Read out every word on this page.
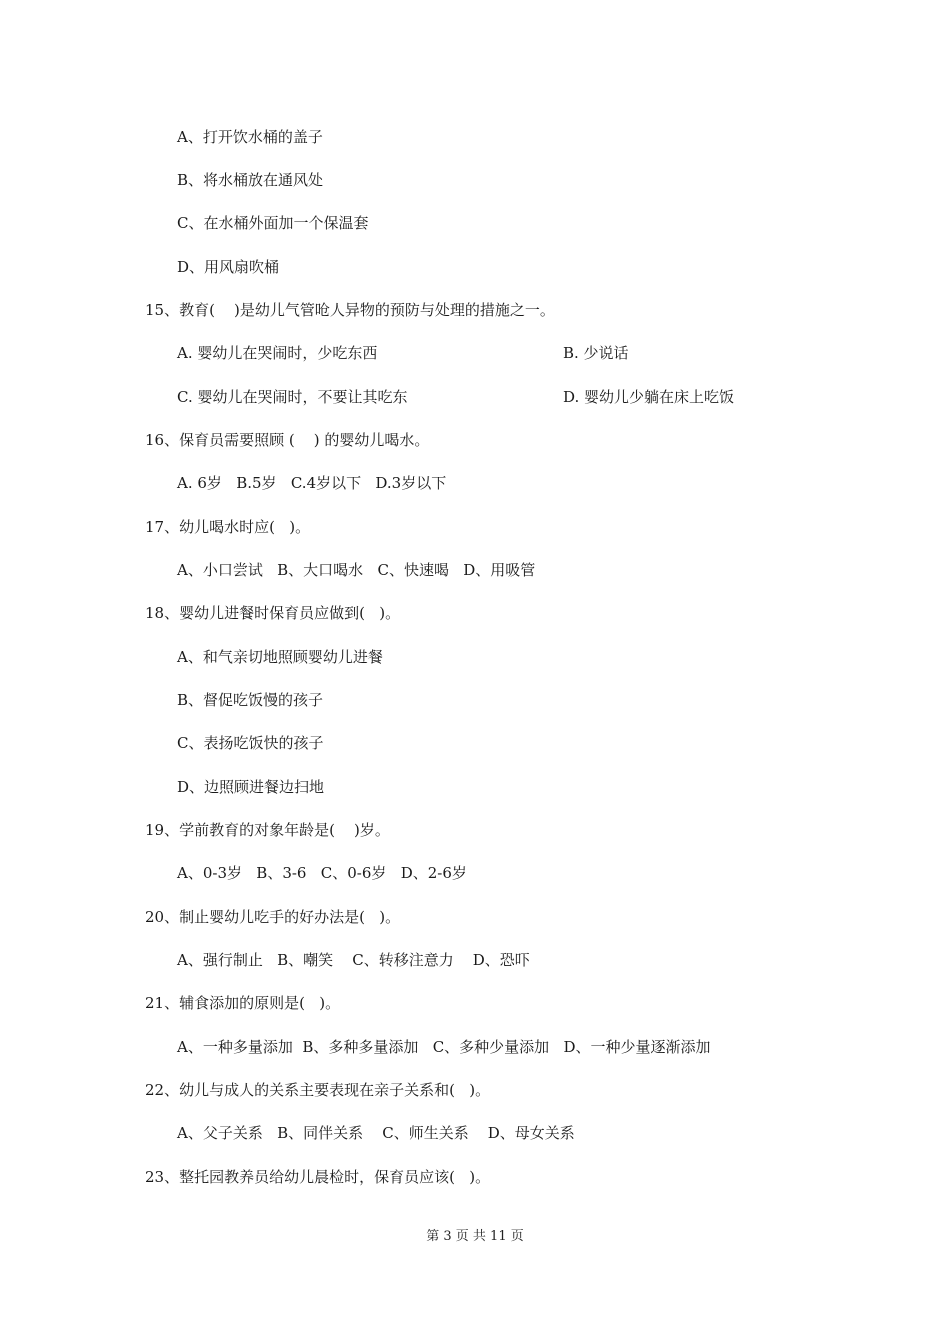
A、打开饮水桶的盖子
B、将水桶放在通风处
C、在水桶外面加一个保温套
D、用风扇吹桶
15、教育(    )是幼儿气管呛人异物的预防与处理的措施之一。
A. 婴幼儿在哭闹时，少吃东西	B. 少说话
C. 婴幼儿在哭闹时，不要让其吃东	D. 婴幼儿少躺在床上吃饭
16、保育员需要照顾 (    ) 的婴幼儿喝水。
A. 6岁   B.5岁   C.4岁以下   D.3岁以下
17、幼儿喝水时应(   )。
A、小口尝试   B、大口喝水   C、快速喝   D、用吸管
18、婴幼儿进餐时保育员应做到(   )。
A、和气亲切地照顾婴幼儿进餐
B、督促吃饭慢的孩子
C、表扬吃饭快的孩子
D、边照顾进餐边扫地
19、学前教育的对象年龄是(    )岁。
A、0-3岁   B、3-6   C、0-6岁   D、2-6岁
20、制止婴幼儿吃手的好办法是(   )。
A、强行制止   B、嘲笑    C、转移注意力    D、恐吓
21、辅食添加的原则是(   )。
A、一种多量添加  B、多种多量添加   C、多种少量添加   D、一种少量逐渐添加
22、幼儿与成人的关系主要表现在亲子关系和(   )。
A、父子关系   B、同伴关系    C、师生关系    D、母女关系
23、整托园教养员给幼儿晨检时，保育员应该(   )。
第 3 页 共 11 页
